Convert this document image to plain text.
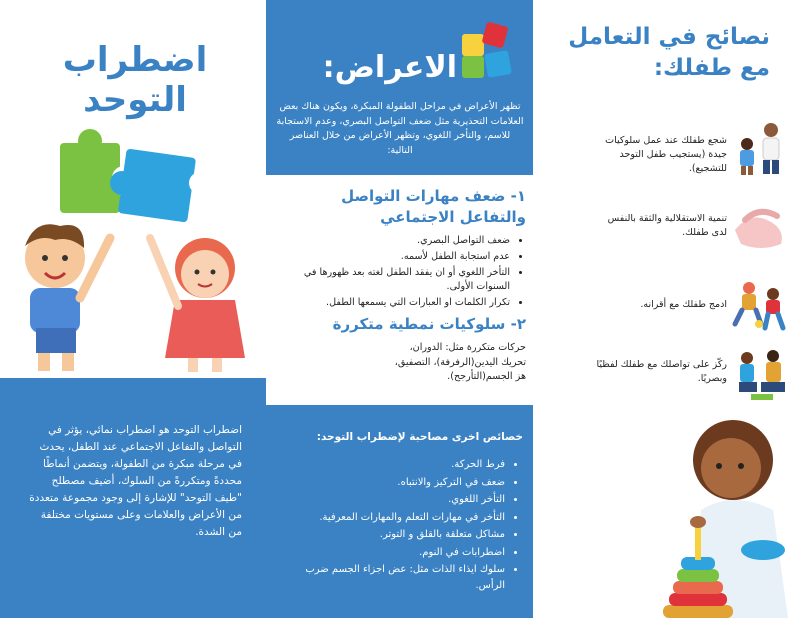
اضطراب التوحد

اضطراب التوحد هو اضطراب نمائي، يؤثر في التواصل والتفاعل الاجتماعي عند الطفل، يحدث في مرحلة مبكرة من الطفولة، ويتضمن أنماطًا محددةً ومتكررةً من السلوك، أضيف مصطلح "طيف التوحد" للإشارة إلى وجود مجموعة متعددة من الأعراض والعلامات وعلى مستويات مختلفة من الشدة.

الاعراض:

تظهر الأعراض في مراحل الطفولة المبكرة، ويكون هناك بعض العلامات التحذيرية مثل ضعف التواصل البصري، وعدم الاستجابة للاسم، والتأخر اللغوي، وتظهر الأعراض من خلال العناصر التالية:

١- ضعف مهارات التواصل والتفاعل الاجتماعي
• ضعف التواصل البصري.
• عدم استجابة الطفل لأسمه.
• التأخر اللغوي أو ان يفقد الطفل لغته بعد ظهورها في السنوات الأولى.
• تكرار الكلمات او العبارات التي يسمعها الطفل.
٢- سلوكيات نمطية متكررة
حركات متكررة مثل: الدوران،
تحريك اليدين(الرفرفة)، التصفيق،
هز الجسم(التأرجح).
خصائص اخرى مصاحبة لإضطراب التوحد:
• فرط الحركة.
• ضعف في التركيز والانتباه.
• التأخر اللغوي.
• التأخر في مهارات التعلم والمهارات المعرفية.
• مشاكل متعلقة بالقلق و التوتر.
• اضطرابات في النوم.
• سلوك ايذاء الذات مثل: عض اجزاء الجسم ضرب الرأس.
نصائح في التعامل مع طفلك:
شجع طفلك عند عمل سلوكيات جيدة (يستجيب طفل التوحد للتشجيع).
تنمية الاستقلالية والثقة بالنفس لدى طفلك.
ادمج طفلك مع أقرانه.
ركّز على تواصلك مع طفلك لفظيًا وبصريًا.
